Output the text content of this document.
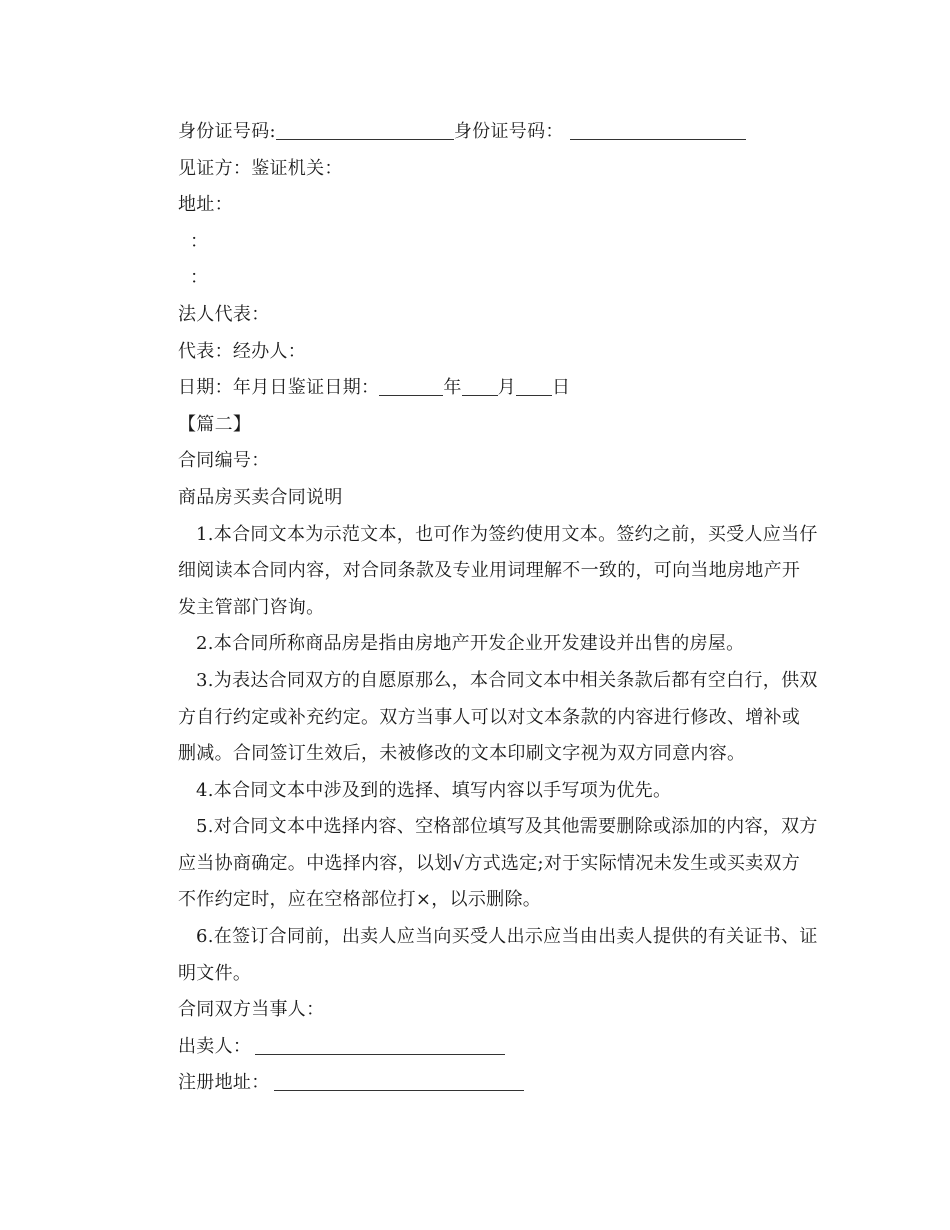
身份证号码:	身份证号码：
见证方：鉴证机关：
地址：
：
：
法人代表：
代表：经办人：
日期：年月日鉴证日期：	年 月 日
【篇二】
合同编号：
商品房买卖合同说明
1.本合同文本为示范文本，也可作为签约使用文本。签约之前，买受人应当仔细阅读本合同内容，对合同条款及专业用词理解不一致的，可向当地房地产开发主管部门咨询。
2.本合同所称商品房是指由房地产开发企业开发建设并出售的房屋。
3.为表达合同双方的自愿原那么，本合同文本中相关条款后都有空白行，供双方自行约定或补充约定。双方当事人可以对文本条款的内容进行修改、增补或删减。合同签订生效后，未被修改的文本印刷文字视为双方同意内容。
4.本合同文本中涉及到的选择、填写内容以手写项为优先。
5.对合同文本中选择内容、空格部位填写及其他需要删除或添加的内容，双方应当协商确定。中选择内容，以划√方式选定;对于实际情况未发生或买卖双方不作约定时，应在空格部位打×，以示删除。
6.在签订合同前，出卖人应当向买受人出示应当由出卖人提供的有关证书、证明文件。
合同双方当事人：
出卖人：
注册地址：
